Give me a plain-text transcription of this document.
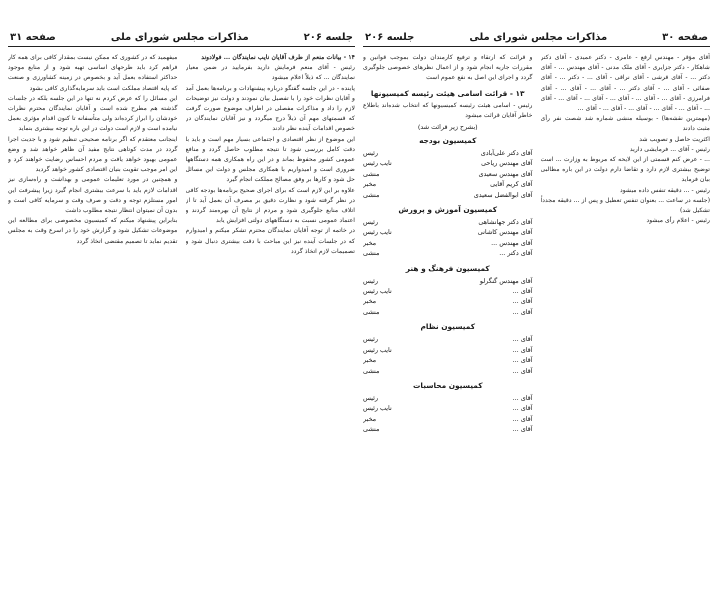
جلسه ۲۰۶
مذاکرات مجلس شورای ملی
صفحه ۳۱

۱۴ - بیانات منعم از طرف آقایان نایب نمایندگان ... فولادوند

رئیس - آقای منعم فرمایش دارید بفرمایید در ضمن معیار نمایندگان ... که ذیلاً اعلام میشود

پاینده - در این جلسه گفتگو درباره پیشنهادات و برنامه‌ها بعمل آمد و آقایان نظرات خود را با تفصیل بیان نمودند و دولت نیز توضیحات لازم را داد و مذاکرات مفصلی در اطراف موضوع صورت گرفت که قسمتهای مهم آن ذیلاً درج میگردد و نیز آقایان نمایندگان در خصوص اقدامات آینده نظر دادند

این موضوع از نظر اقتصادی و اجتماعی بسیار مهم است و باید با دقت کامل بررسی شود تا نتیجه مطلوب حاصل گردد و منافع عمومی کشور محفوظ بماند و در این راه همکاری همه دستگاهها ضروری است و امیدواریم با همکاری مجلس و دولت این مسائل حل شود و کارها بر وفق مصالح مملکت انجام گیرد

علاوه بر این لازم است که برای اجرای صحیح برنامه‌ها بودجه کافی در نظر گرفته شود و نظارت دقیق بر مصرف آن بعمل آید تا از اتلاف منابع جلوگیری شود و مردم از نتایج آن بهره‌مند گردند و اعتماد عمومی نسبت به دستگاههای دولتی افزایش یابد

در خاتمه از توجه آقایان نمایندگان محترم تشکر میکنم و امیدوارم که در جلسات آینده نیز این مباحث با دقت بیشتری دنبال شود و تصمیمات لازم اتخاذ گردد

میفهمید که در کشوری که ممکن نیست بمقدار کافی برای همه کار فراهم کرد باید طرحهای اساسی تهیه شود و از منابع موجود حداکثر استفاده بعمل آید و بخصوص در زمینه کشاورزی و صنعت که پایه اقتصاد مملکت است باید سرمایه‌گذاری کافی بشود

این مسائل را که عرض کردم نه تنها در این جلسه بلکه در جلسات گذشته هم مطرح شده است و آقایان نمایندگان محترم نظرات خودشان را ابراز کرده‌اند ولی متأسفانه تا کنون اقدام مؤثری بعمل نیامده است و لازم است دولت در این باره توجه بیشتری بنماید

اینجانب معتقدم که اگر برنامه صحیحی تنظیم شود و با جدیت اجرا گردد در مدت کوتاهی نتایج مفید آن ظاهر خواهد شد و وضع عمومی بهبود خواهد یافت و مردم احساس رضایت خواهند کرد و این امر موجب تقویت بنیان اقتصادی کشور خواهد گردید

و همچنین در مورد تعلیمات عمومی و بهداشت و راه‌سازی نیز اقدامات لازم باید با سرعت بیشتری انجام گیرد زیرا پیشرفت این امور مستلزم توجه و دقت و صرف وقت و سرمایه کافی است و بدون آن نمیتوان انتظار نتیجه مطلوب داشت

بنابراین پیشنهاد میکنم که کمیسیون مخصوصی برای مطالعه این موضوعات تشکیل شود و گزارش خود را در اسرع وقت به مجلس تقدیم نماید تا تصمیم مقتضی اتخاذ گردد

صفحه ۳۰
مذاکرات مجلس شورای ملی
جلسه ۲۰۶

آقای مؤقر - مهندس ارفع - عامری - دکتر عمیدی - آقای دکتر شاهکار - دکتر جزایری - آقای ملک مدنی - آقای مهندس ... - آقای دکتر ... - آقای قرشی - آقای نراقی - آقای ... - دکتر ... - آقای صفائی - آقای ... - آقای دکتر ... - آقای ... - آقای ... - آقای فرامرزی - آقای ... - آقای ... - آقای ... - آقای ... - آقای ... - آقای ... - آقای ... - آقای ... - آقای ... - آقای ... - آقای ...

(مهمترین نقشه‌ها) - بوسیله منشی شماره شد شصت نفر رأی مثبت دادند

اکثریت حاصل و تصویب شد

رئیس - آقای ... فرمایشی دارید

... - عرض کنم قسمتی از این لایحه که مربوط به وزارت ... است توضیح بیشتری لازم دارد و تقاضا دارم دولت در این باره مطالبی بیان فرماید

رئیس - ... دقیقه تنفس داده میشود

(جلسه در ساعت ... بعنوان تنفس تعطیل و پس از ... دقیقه مجدداً تشکیل شد)

رئیس - اعلام رأی میشود

و قرائت که ارتقاء و ترفیع کارمندان دولت بموجب قوانین و مقررات جاریه انجام شود و از اعمال نظرهای خصوصی جلوگیری گردد و اجرای این اصل به نفع عموم است

۱۳ - قرائت اسامی هیئت رئیسه کمیسیونها

رئیس - اسامی هیئت رئیسه کمیسیونها که انتخاب شده‌اند باطلاع خاطر آقایان قرائت میشود

(بشرح زیر قرائت شد)
کمیسیون بودجه
آقای دکتر علی‌آبادی
رئیس
آقای مهندس ریاحی
نایب رئیس
آقای مهندس سعیدی
منشی
آقای کریم آقایی
مخبر
آقای ابوالفضل سعیدی
منشی
کمیسیون آموزش و پرورش
آقای دکتر جهانشاهی
رئیس
آقای مهندس کاشانی
نایب رئیس
آقای مهندس ...
مخبر
آقای دکتر ...
منشی
کمیسیون فرهنگ و هنر
آقای مهندس گنگرلو
رئیس
آقای ...
نایب رئیس
آقای ...
مخبر
آقای ...
منشی
کمیسیون نظام
آقای ...
رئیس
آقای ...
نایب رئیس
آقای ...
مخبر
آقای ...
منشی
کمیسیون محاسبات
آقای ...
رئیس
آقای ...
نایب رئیس
آقای ...
مخبر
آقای ...
منشی
